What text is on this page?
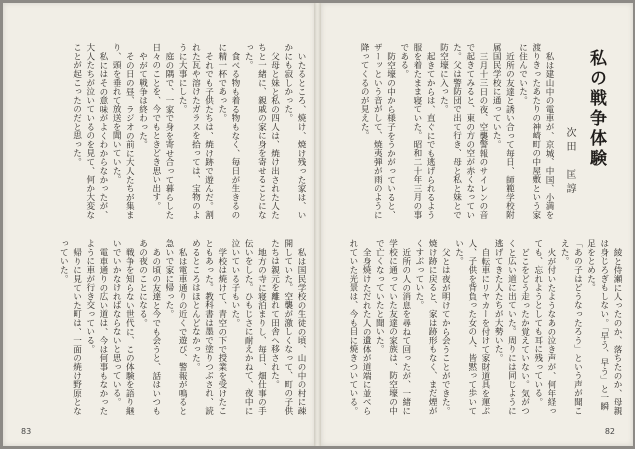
いたるところ、焼け、焼け残った家は、いかにも寂しかった。

父母と妹と私の四人は、焼け出された人たちと一緒に、親戚の家に身を寄せることになった。

食べる物も着る物もなく、毎日が生きるのに精一杯であった。

それでも子供たちは、焼け跡で遊んだ。割れた瓦や溶けたガラスを拾っては、宝物のように大事にした。

庭の隅で、一家で身を寄せ合って暮らした日々のことを、今でもときどき思い出す。

やがて戦争は終わった。

その日の昼、ラジオの前に大人たちが集まり、頭を垂れて放送を聞いていた。

私にはその意味がよくわからなかったが、大人たちが泣いているのを見て、何か大変なことが起こったのだと思った。

私は国民学校の生徒の頃、山の中の村に疎開していた。空襲が激しくなって、町の子供たちは親元を離れて田舎へ移された。

地方の寺に寝泊まりし、毎日、畑仕事の手伝いをした。ひもじさに耐えかねて、夜中に泣いている子もいた。

学校は焼けて、青空の下で授業を受けたこともあった。教科書は墨で塗りつぶされ、読めるところはほとんどなかった。

私は電車通りの近くで遊び、警報が鳴ると急いで家に帰った。

あの頃の友達と今でも会うと、話はいつもあの夜のことになる。

戦争を知らない世代に、この体験を語り継いでいかなければならないと思っている。

電車通りの広い道は、今は何事もなかったように車が行き交っている。

帰りに見ていた町は、一面の焼け野原となっていた。

83
私の戦争体験
次田　匡諄

私は建山中の電車が、京城、中国、小満を渡りきったあたりの神崎町の中屋敷という家に住んでいた。

近所の友達と誘い合って毎日、師範学校附属国民学校に通っていた。

三月十三日の夜、空襲警報のサイレンの音で起きてみると、東の方の空が赤くなっていた。父は警防団で出て行き、母と私と妹とで防空壕に入った。

起きてからは、直ぐにでも逃げられるよう服を着たまま寝ていた。昭和二十年三月の事である。

防空壕の中から様子をうかがっていると、ザーッという音がして、焼夷弾が雨のように降ってくるのが見えた。

綾と侍瀬に人ったのか、落ちたのか、母親は身じろぎもしない。「早う、早う」と一瞬足をとめた。

「あの子はどうなったろう」という声が聞こえた。

火が付いたようなあの泣き声が、何年経っても、忘れようとしても耳に残っている。

どこをどう走ったか覚えていない。気がつくと広い道に出ていた。周りには同じように逃げてきた人たちが大勢いた。

自転車にリヤカーを付けて家財道具を運ぶ人、子供を背負った女の人、皆黙って歩いていた。

父とは夜が明けてから会うことができた。焼け跡に戻ると、家は跡形もなく、まだ煙がくすぶっていた。

近所の人の消息を尋ねて回ったが、一緒に学校に通っていた友達の家族は、防空壕の中で亡くなっていたと聞いた。

全身焼けただれた人の遺体が道端に並べられていた光景は、今も目に焼きついている。

82
